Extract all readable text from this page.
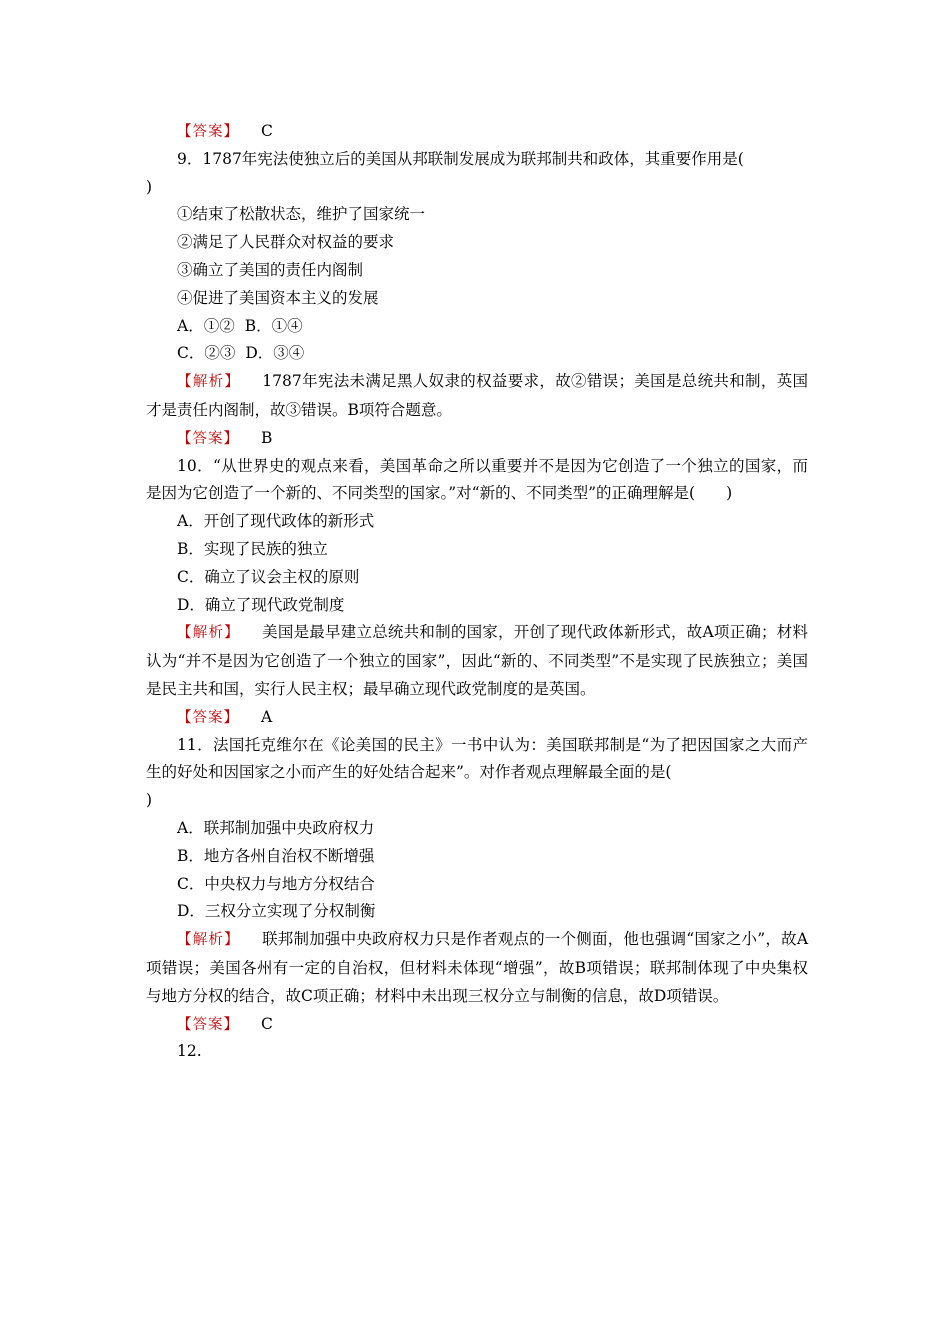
【答案】 C
9．1787年宪法使独立后的美国从邦联制发展成为联邦制共和政体，其重要作用是(
)
①结束了松散状态，维护了国家统一
②满足了人民群众对权益的要求
③确立了美国的责任内阁制
④促进了美国资本主义的发展
A．①② B．①④
C．②③ D．③④
【解析】 1787年宪法未满足黑人奴隶的权益要求，故②错误；美国是总统共和制，英国才是责任内阁制，故③错误。B项符合题意。
【答案】 B
10．“从世界史的观点来看，美国革命之所以重要并不是因为它创造了一个独立的国家，而是因为它创造了一个新的、不同类型的国家。”对“新的、不同类型”的正确理解是(　　)
A．开创了现代政体的新形式
B．实现了民族的独立
C．确立了议会主权的原则
D．确立了现代政党制度
【解析】 美国是最早建立总统共和制的国家，开创了现代政体新形式，故A项正确；材料认为“并不是因为它创造了一个独立的国家”，因此“新的、不同类型”不是实现了民族独立；美国是民主共和国，实行人民主权；最早确立现代政党制度的是英国。
【答案】 A
11．法国托克维尔在《论美国的民主》一书中认为：美国联邦制是“为了把因国家之大而产生的好处和因国家之小而产生的好处结合起来”。对作者观点理解最全面的是(
)
A．联邦制加强中央政府权力
B．地方各州自治权不断增强
C．中央权力与地方分权结合
D．三权分立实现了分权制衡
【解析】 联邦制加强中央政府权力只是作者观点的一个侧面，他也强调“国家之小”，故A项错误；美国各州有一定的自治权，但材料未体现“增强”，故B项错误；联邦制体现了中央集权与地方分权的结合，故C项正确；材料中未出现三权分立与制衡的信息，故D项错误。
【答案】 C
12.
